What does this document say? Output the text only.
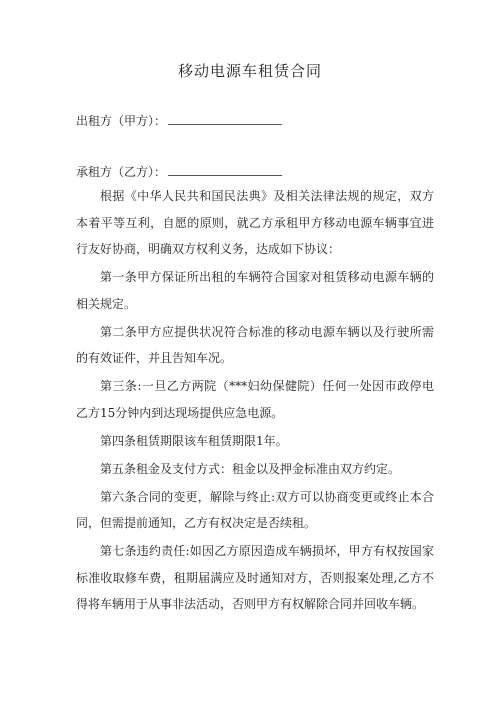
移动电源车租赁合同
出租方（甲方）：
承租方（乙方）：

根据《中华人民共和国民法典》及相关法律法规的规定，双方本着平等互利，自愿的原则，就乙方承租甲方移动电源车辆事宜进行友好协商，明确双方权利义务，达成如下协议：

第一条甲方保证所出租的车辆符合国家对租赁移动电源车辆的相关规定。

第二条甲方应提供状况符合标准的移动电源车辆以及行驶所需的有效证件，并且告知车况。

第三条:一旦乙方两院（***妇幼保健院）任何一处因市政停电乙方15分钟内到达现场提供应急电源。

第四条租赁期限该车租赁期限1年。

第五条租金及支付方式：租金以及押金标准由双方约定。

第六条合同的变更，解除与终止:双方可以协商变更或终止本合同，但需提前通知，乙方有权决定是否续租。

第七条违约责任:如因乙方原因造成车辆损坏，甲方有权按国家标准收取修车费，租期届满应及时通知对方，否则报案处理,乙方不得将车辆用于从事非法活动，否则甲方有权解除合同并回收车辆。
